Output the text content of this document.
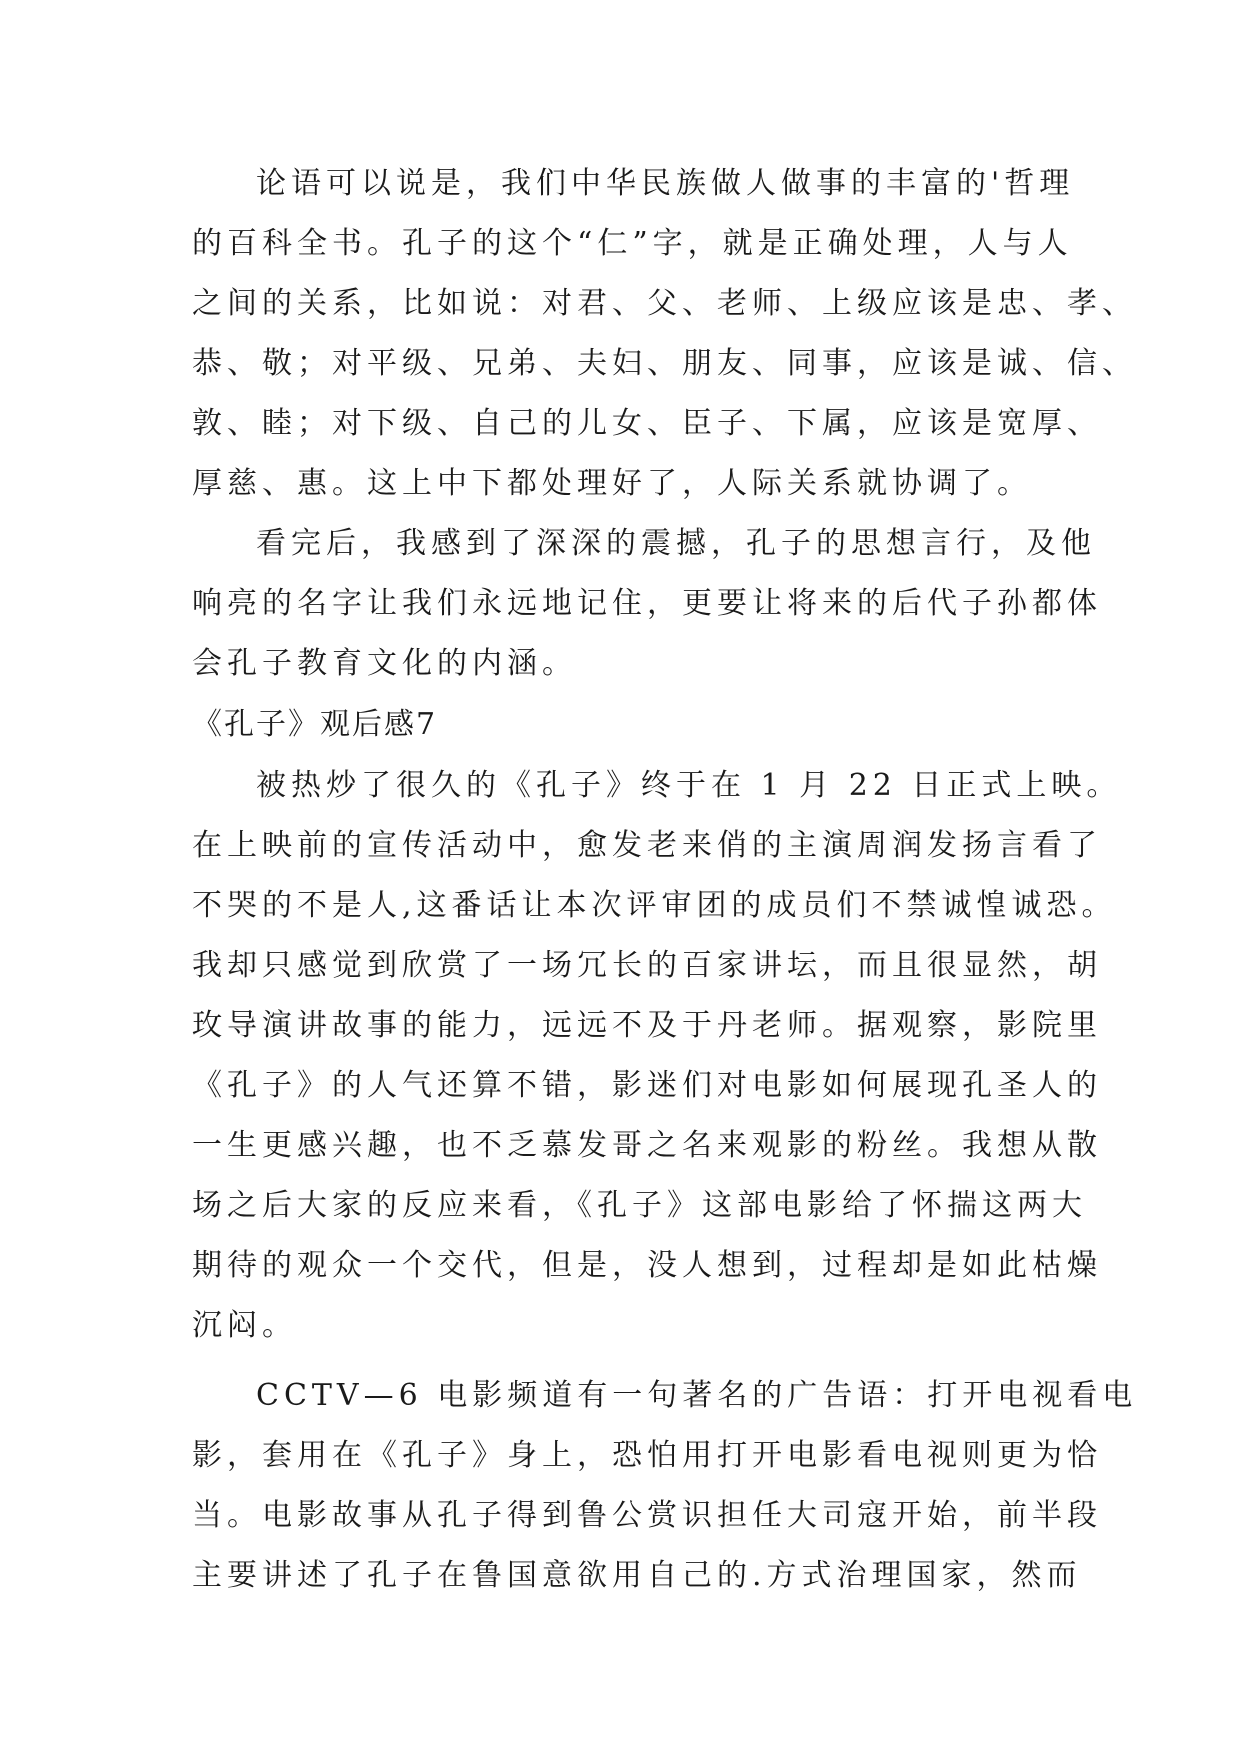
论语可以说是，我们中华民族做人做事的丰富的'哲理
的百科全书。孔子的这个“仁”字，就是正确处理，人与人
之间的关系，比如说：对君、父、老师、上级应该是忠、孝、
恭、敬；对平级、兄弟、夫妇、朋友、同事，应该是诚、信、
敦、睦；对下级、自己的儿女、臣子、下属，应该是宽厚、
厚慈、惠。这上中下都处理好了，人际关系就协调了。
看完后，我感到了深深的震撼，孔子的思想言行，及他
响亮的名字让我们永远地记住，更要让将来的后代子孙都体
会孔子教育文化的内涵。
《孔子》观后感7
被热炒了很久的《孔子》终于在 1 月 22 日正式上映。
在上映前的宣传活动中，愈发老来俏的主演周润发扬言看了
不哭的不是人,这番话让本次评审团的成员们不禁诚惶诚恐。
我却只感觉到欣赏了一场冗长的百家讲坛，而且很显然，胡
玫导演讲故事的能力，远远不及于丹老师。据观察，影院里
《孔子》的人气还算不错，影迷们对电影如何展现孔圣人的
一生更感兴趣，也不乏慕发哥之名来观影的粉丝。我想从散
场之后大家的反应来看，《孔子》这部电影给了怀揣这两大
期待的观众一个交代，但是，没人想到，过程却是如此枯燥
沉闷。
CCTV—6 电影频道有一句著名的广告语：打开电视看电
影，套用在《孔子》身上，恐怕用打开电影看电视则更为恰
当。电影故事从孔子得到鲁公赏识担任大司寇开始，前半段
主要讲述了孔子在鲁国意欲用自己的.方式治理国家，然而
